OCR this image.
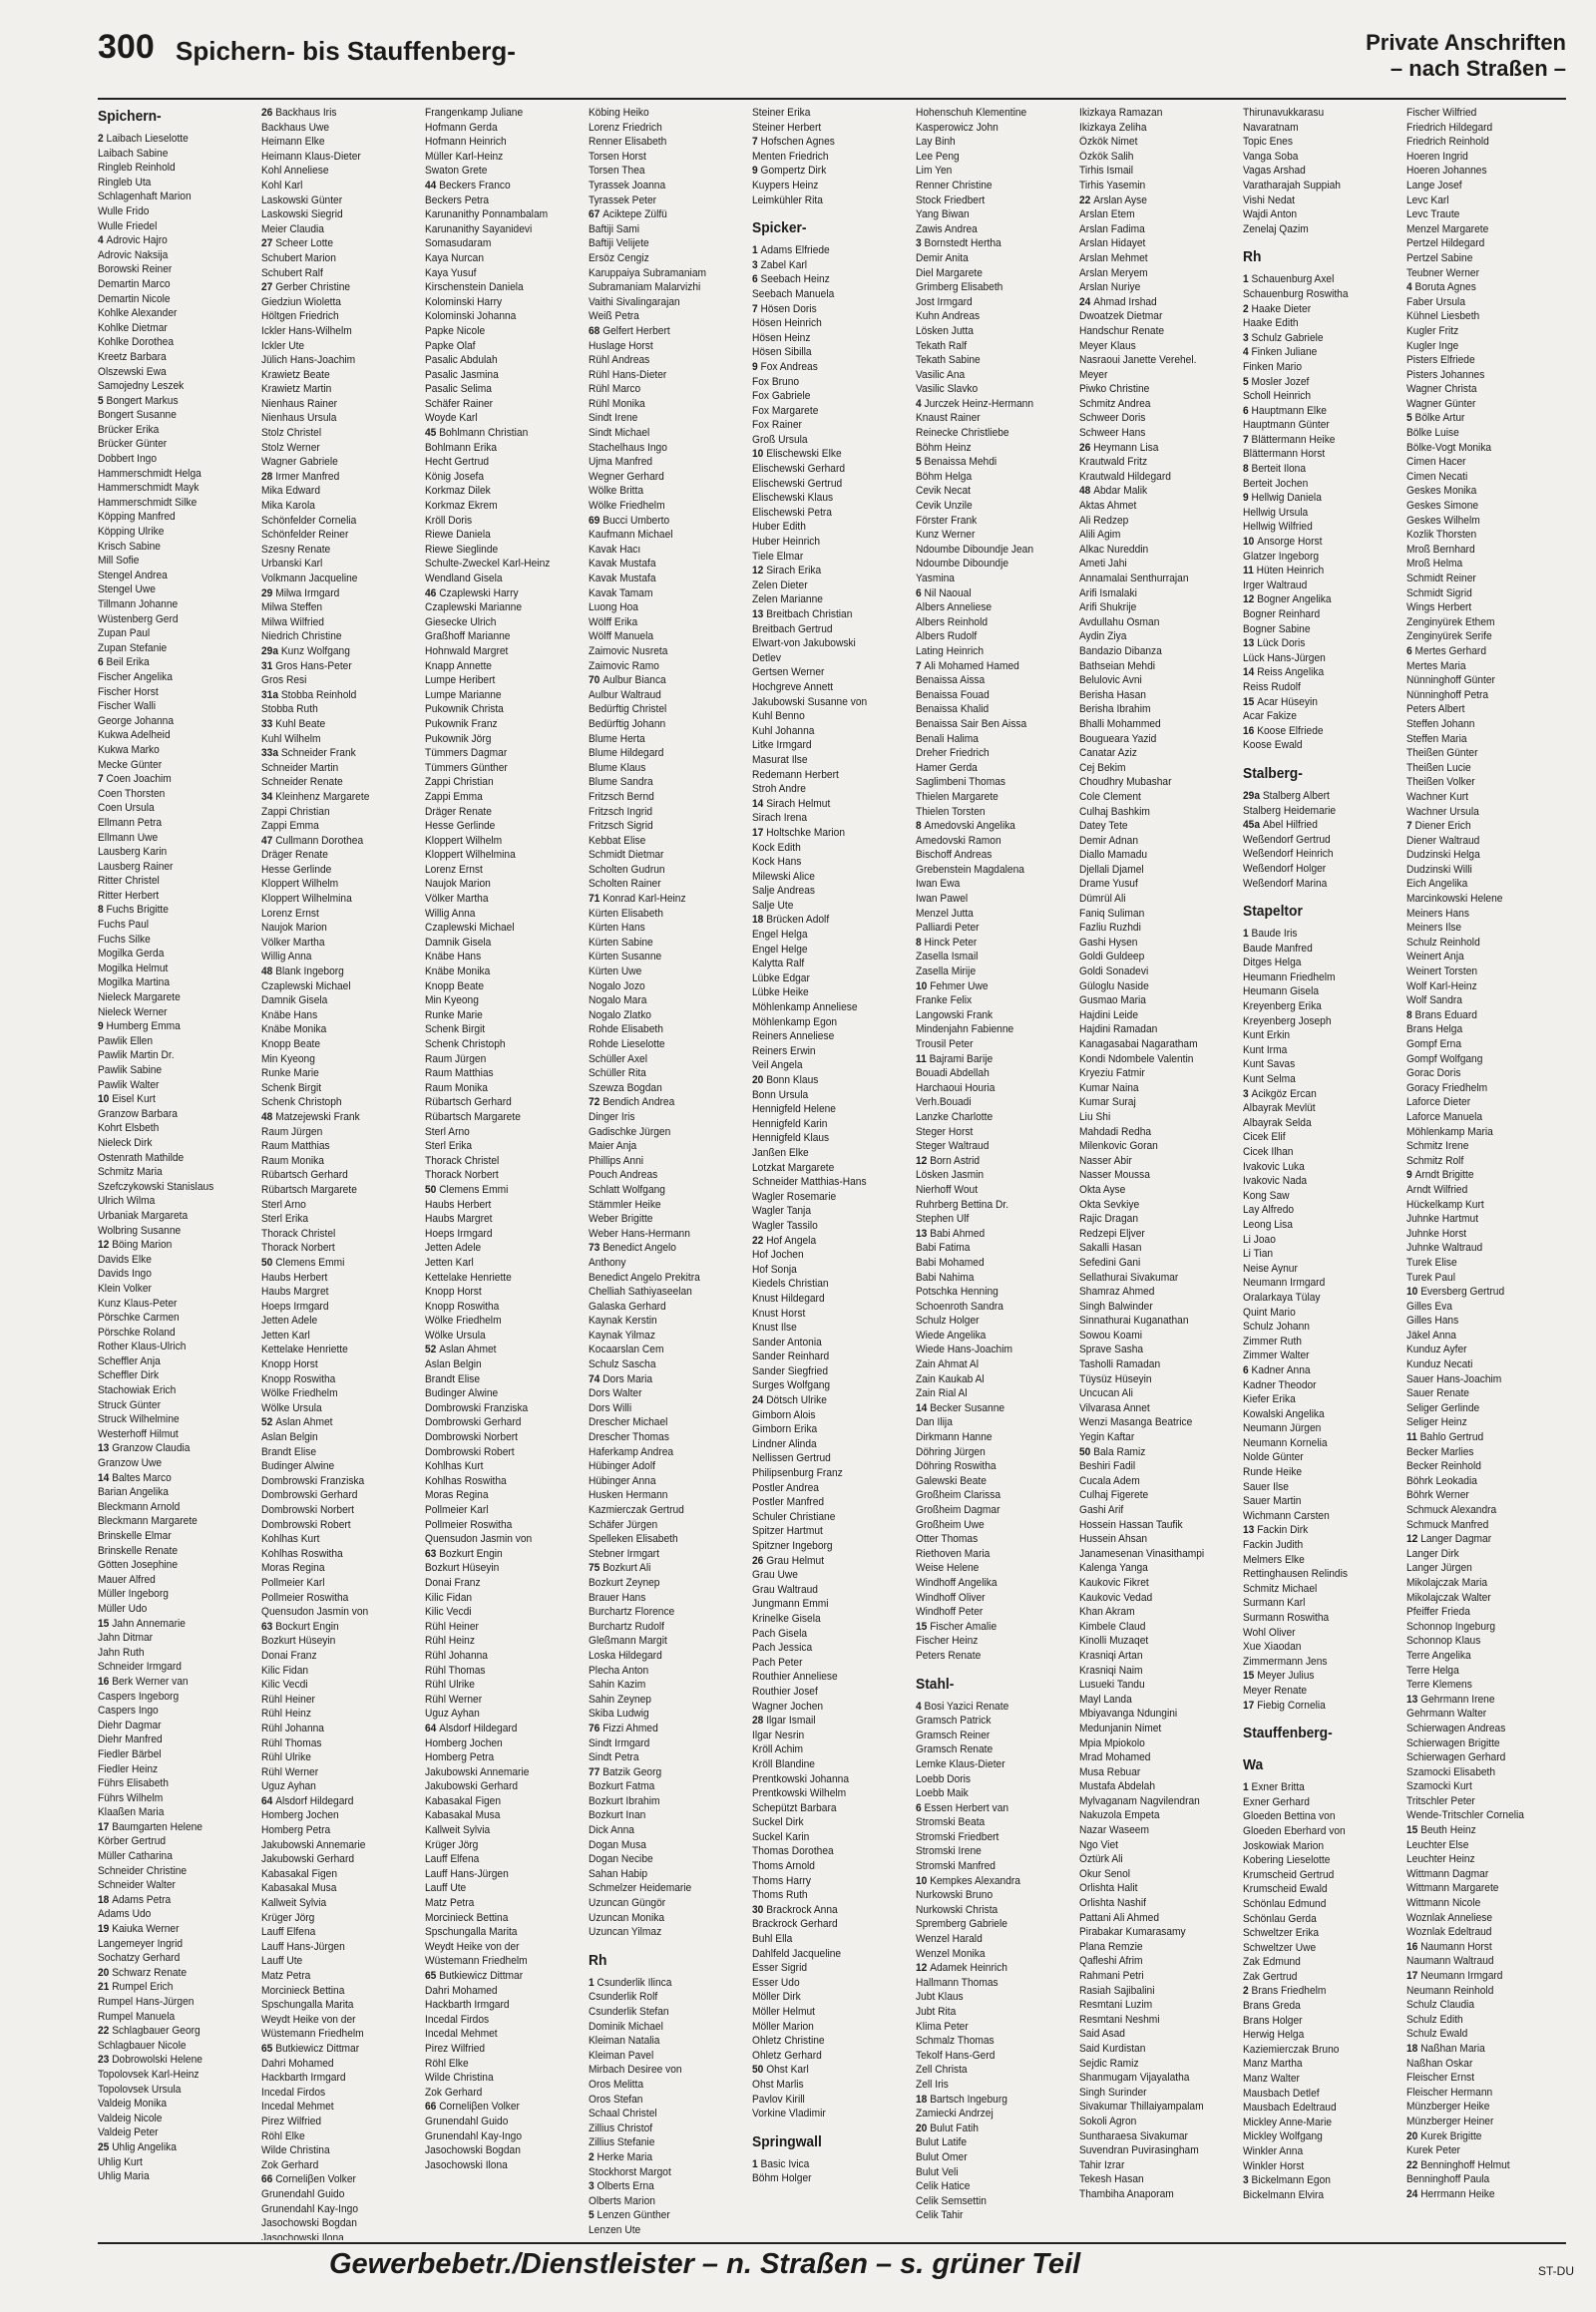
300 Spichern- bis Stauffenberg-	Private Anschriften
– nach Straßen –
Spichern-
2 Laibach Lieselotte
Laibach Sabine
Ringleb Reinhold
Ringleb Uta
Schlagenhaft Marion
Wulle Frido
Wulle Friedel
4 Adrovic Hajro
Adrovic Naksija
Borowski Reiner
Demartin Marco
Demartin Nicole
Kohlke Alexander
Kohlke Dietmar
Kohlke Dorothea
Kreetz Barbara
Olszewski Ewa
Samojedny Leszek
5 Bongert Markus
Bongert Susanne
Brücker Erika
Brücker Günter
Dobbert Ingo
Hammerschmidt Helga
Hammerschmidt Mayk
Hammerschmidt Silke
Köpping Manfred
Köpping Ulrike
Krisch Sabine
Mill Sofie
Stengel Andrea
Stengel Uwe
Tillmann Johanne
Wüstenberg Gerd
Zupan Paul
Zupan Stefanie
6 Beil Erika
Fischer Angelika
Fischer Horst
Fischer Walli
George Johanna
Kukwa Adelheid
Kukwa Marko
Mecke Günter
7 Coen Joachim
Coen Thorsten
Coen Ursula
Ellmann Petra
Ellmann Uwe
Lausberg Karin
Lausberg Rainer
Ritter Christel
Ritter Herbert
8 Fuchs Brigitte
Fuchs Paul
Fuchs Silke
Mogilka Gerda
Mogilka Helmut
Mogilka Martina
Nieleck Margarete
Nieleck Werner
9 Humberg Emma
Pawlik Ellen
Pawlik Martin Dr.
Pawlik Sabine
Pawlik Walter
10 Eisel Kurt
Granzow Barbara
Kohrt Elsbeth
Nieleck Dirk
Ostenrath Mathilde
Schmitz Maria
Szefczykowski Stanislaus
Ulrich Wilma
Urbaniak Margareta
Wolbring Susanne
12 Böing Marion
Davids Elke
Davids Ingo
Klein Volker
Kunz Klaus-Peter
Pörschke Carmen
Pörschke Roland
Rother Klaus-Ulrich
Scheffler Anja
Scheffler Dirk
Stachowiak Erich
Struck Günter
Struck Wilhelmine
Westerhoff Hilmut
13 Granzow Claudia
Granzow Uwe
14 Baltes Marco
Barian Angelika
Bleckmann Arnold
Bleckmann Margarete
Brinskelle Elmar
Brinskelle Renate
Götten Josephine
Mauer Alfred
Müller Ingeborg
Müller Udo
15 Jahn Annemarie
Jahn Ditmar
Jahn Ruth
Schneider Irmgard
16 Berk Werner van
Caspers Ingeborg
Caspers Ingo
Diehr Dagmar
Diehr Manfred
Fiedler Bärbel
Fiedler Heinz
Führs Elisabeth
Führs Wilhelm
Klaaßen Maria
17 Baumgarten Helene
Körber Gertrud
Müller Catharina
Schneider Christine
Schneider Walter
18 Adams Petra
Adams Udo
19 Kaiuka Werner
Langemeyer Ingrid
Sochatzy Gerhard
20 Schwarz Renate
21 Rumpel Erich
Rumpel Hans-Jürgen
Rumpel Manuela
22 Schlagbauer Georg
Schlagbauer Nicole
23 Dobrowolski Helene
Topolovsek Karl-Heinz
Topolovsek Ursula
Valdeig Monika
Valdeig Nicole
Valdeig Peter
25 Uhlig Angelika
Uhlig Kurt
Uhlig Maria
26 Backhaus Iris
Backhaus Uwe
Heimann Elke
Heimann Klaus-Dieter
Kohl Anneliese
Kohl Karl
Laskowski Günter
Laskowski Siegrid
Meier Claudia
27 Scheer Lotte
Schubert Marion
Schubert Ralf
27 Gerber Christine
Giedziun Wioletta
Höltgen Friedrich
Ickler Hans-Wilhelm
Ickler Ute
Jülich Hans-Joachim
Krawietz Beate
Krawietz Martin
Nienhaus Rainer
Nienhaus Ursula
Stolz Christel
Stolz Werner
Wagner Gabriele
28 Irmer Manfred
Mika Edward
Mika Karola
Schönfelder Cornelia
Schönfelder Reiner
Szesny Renate
Urbanski Karl
Volkmann Jacqueline
29 Milwa Irmgard
Milwa Steffen
Milwa Wilfried
Niedrich Christine
29a Kunz Wolfgang
31 Gros Hans-Peter
Gros Resi
31a Stobba Reinhold
Stobba Ruth
33 Kuhl Beate
Kuhl Wilhelm
33a Schneider Frank
Schneider Martin
Schneider Renate
34 Kleinhenz Margarete
Zappi Christian
Zappi Emma
47 Cullmann Dorothea
Dräger Renate
Hesse Gerlinde
Kloppert Wilhelm
Kloppert Wilhelmina
Lorenz Ernst
Naujok Marion
Völker Martha
Willig Anna
48 Blank Ingeborg
Czaplewski Michael
Damnik Gisela
Knäbe Hans
Knäbe Monika
Knopp Beate
Min Kyeong
Runke Marie
Schenk Birgit
Schenk Christoph
48 Matzejewski Frank
Raum Jürgen
Raum Matthias
Raum Monika
Rübartsch Gerhard
Rübartsch Margarete
Sterl Arno
Sterl Erika
Thorack Christel
Thorack Norbert
50 Clemens Emmi
Haubs Herbert
Haubs Margret
Hoeps Irmgard
Jetten Adele
Jetten Karl
Kettelake Henriette
Knopp Horst
Knopp Roswitha
Wölke Friedhelm
Wölke Ursula
52 Aslan Ahmet
Aslan Belgin
Brandt Elise
Budinger Alwine
Dombrowski Franziska
Dombrowski Gerhard
Dombrowski Norbert
Dombrowski Robert
Kohlhas Kurt
Kohlhas Roswitha
Moras Regina
Pollmeier Karl
Pollmeier Roswitha
Quensudon Jasmin von
63 Bockurt Engin
Bozkurt Hüseyin
Donai Franz
Kilic Fidan
Kilic Vecdi
Rühl Heiner
Rühl Heinz
Rühl Johanna
Rühl Thomas
Rühl Ulrike
Rühl Werner
Uguz Ayhan
64 Alsdorf Hildegard
Homberg Jochen
Homberg Petra
Jakubowski Annemarie
Jakubowski Gerhard
Kabasakal Figen
Kabasakal Musa
Kallweit Sylvia
Krüger Jörg
Lauff Elfena
Lauff Hans-Jürgen
Lauff Ute
Matz Petra
Morcinieck Bettina
Spschungalla Marita
Weydt Heike von der
Wüstemann Friedhelm
65 Butkiewicz Dittmar
Dahri Mohamed
Hackbarth Irmgard
Incedal Firdos
Incedal Mehmet
Pirez Wilfried
Röhl Elke
Wilde Christina
Zok Gerhard
66 Corneliβen Volker
Grunendahl Guido
Grunendahl Kay-Ingo
Jasochowski Bogdan
Jasochowski Ilona
Frangenkamp Juliane
Hofmann Gerda
Hofmann Heinrich
Müller Karl-Heinz
Swaton Grete
44 Beckers Franco
Beckers Petra
Karunanithy Ponnambalam
Karunanithy Sayanidevi
Somasudaram
Kaya Nurcan
Kaya Yusuf
Kirschenstein Daniela
Kolominski Harry
Kolominski Johanna
Papke Nicole
Papke Olaf
Pasalic Abdulah
Pasalic Jasmina
Pasalic Selima
Schäfer Rainer
Woyde Karl
45 Bohlmann Christian
Bohlmann Erika
Hecht Gertrud
König Josefa
Korkmaz Dilek
Korkmaz Ekrem
Kröll Doris
Riewe Daniela
Riewe Sieglinde
Schulte-Zweckel Karl-Heinz
Wendland Gisela
46 Czaplewski Harry
Czaplewski Marianne
Giesecke Ulrich
Graßhoff Marianne
Hohnwald Margret
Knapp Annette
Lumpe Heribert
Lumpe Marianne
Pukownik Christa
Pukownik Franz
Pukownik Jörg
Tümmers Dagmar
Tümmers Günther
Zappi Christian
Zappi Emma
Dräger Renate
Hesse Gerlinde
Kloppert Wilhelm
Kloppert Wilhelmina
Lorenz Ernst
Naujok Marion
Völker Martha
Willig Anna
Czaplewski Michael
Damnik Gisela
Knäbe Hans
Knäbe Monika
Knopp Beate
Min Kyeong
Runke Marie
Schenk Birgit
Schenk Christoph
Raum Jürgen
Raum Matthias
Raum Monika
Rübartsch Gerhard
Rübartsch Margarete
Sterl Arno
Sterl Erika
Thorack Christel
Thorack Norbert
50 Clemens Emmi
Haubs Herbert
Haubs Margret
Hoeps Irmgard
Jetten Adele
Jetten Karl
Kettelake Henriette
Knopp Horst
Knopp Roswitha
Wölke Friedhelm
Wölke Ursula
52 Aslan Ahmet
Aslan Belgin
Brandt Elise
Budinger Alwine
Dombrowski Franziska
Dombrowski Gerhard
Dombrowski Norbert
Dombrowski Robert
Kohlhas Kurt
Kohlhas Roswitha
Moras Regina
Pollmeier Karl
Pollmeier Roswitha
Quensudon Jasmin von
63 Bozkurt Engin
Bozkurt Hüseyin
Donai Franz
Kilic Fidan
Kilic Vecdi
Rühl Heiner
Rühl Heinz
Rühl Johanna
Rühl Thomas
Rühl Ulrike
Rühl Werner
Uguz Ayhan
64 Alsdorf Hildegard
Homberg Jochen
Homberg Petra
Jakubowski Annemarie
Jakubowski Gerhard
Kabasakal Figen
Kabasakal Musa
Kallweit Sylvia
Krüger Jörg
Lauff Elfena
Lauff Hans-Jürgen
Lauff Ute
Matz Petra
Morcinieck Bettina
Spschungalla Marita
Weydt Heike von der
Wüstemann Friedhelm
65 Butkiewicz Dittmar
Dahri Mohamed
Hackbarth Irmgard
Incedal Firdos
Incedal Mehmet
Pirez Wilfried
Röhl Elke
Wilde Christina
Zok Gerhard
66 Corneliβen Volker
Grunendahl Guido
Grunendahl Kay-Ingo
Jasochowski Bogdan
Jasochowski Ilona
Köbing Heiko
Lorenz Friedrich
Renner Elisabeth
Torsen Horst
Torsen Thea
Tyrassek Joanna
Tyrassek Peter
67 Aciktepe Zülfü
Baftiji Sami
Baftiji Velijete
Ersöz Cengiz
Karuppaiya Subramaniam
Subramaniam Malarvizhi
Vaithi Sivalingarajan
Weiß Petra
68 Gelfert Herbert
Huslage Horst
Rühl Andreas
Rühl Hans-Dieter
Rühl Marco
Rühl Monika
Sindt Irene
Sindt Michael
Stachelhaus Ingo
Ujma Manfred
Wegner Gerhard
Wölke Britta
Wölke Friedhelm
69 Bucci Umberto
Kaufmann Michael
Kavak Hacı
Kavak Mustafa
Kavak Mustafa
Kavak Tamam
Luong Hoa
Wölff Erika
Wölff Manuela
Zaimovic Nusreta
Zaimovic Ramo
70 Aulbur Bianca
Aulbur Waltraud
Bedürftig Christel
Bedürftig Johann
Blume Herta
Blume Hildegard
Blume Klaus
Blume Sandra
Fritzsch Bernd
Fritzsch Ingrid
Fritzsch Sigrid
Kebbat Elise
Schmidt Dietmar
Scholten Gudrun
Scholten Rainer
71 Konrad Karl-Heinz
Kürten Elisabeth
Kürten Hans
Kürten Sabine
Kürten Susanne
Kürten Uwe
Nogalo Jozo
Nogalo Mara
Nogalo Zlatko
Rohde Elisabeth
Rohde Lieselotte
Schüller Axel
Schüller Rita
Szewza Bogdan
72 Bendich Andrea
Dinger Iris
Gadischke Jürgen
Maier Anja
Phillips Anni
Pouch Andreas
Schlatt Wolfgang
Stämmler Heike
Weber Brigitte
Weber Hans-Hermann
73 Benedict Angelo
Anthony
Benedict Angelo Prekitra
Chelliah Sathiyaseelan
Galaska Gerhard
Kaynak Kerstin
Kaynak Yilmaz
Kocaarslan Cem
Schulz Sascha
74 Dors Maria
Dors Walter
Dors Willi
Drescher Michael
Drescher Thomas
Haferkamp Andrea
Hübinger Adolf
Hübinger Anna
Husken Hermann
Kazmierczak Gertrud
Schäfer Jürgen
Spelleken Elisabeth
Stebner Irmgart
75 Bozkurt Ali
Bozkurt Zeynep
Brauer Hans
Burchartz Florence
Burchartz Rudolf
Gleßmann Margit
Loska Hildegard
Plecha Anton
Sahin Kazim
Sahin Zeynep
Skiba Ludwig
76 Fizzi Ahmed
Sindt Irmgard
Sindt Petra
77 Batzik Georg
Bozkurt Fatma
Bozkurt Ibrahim
Bozkurt Inan
Dick Anna
Dogan Musa
Dogan Necibe
Sahan Habip
Schmelzer Heidemarie
Uzuncan Güngör
Uzuncan Monika
Uzuncan Yilmaz
Rh
1 Csunderlik Ilinca
Csunderlik Rolf
Csunderlik Stefan
Dominik Michael
Kleiman Natalia
Kleiman Pavel
Mirbach Desiree von
Oros Melitta
Oros Stefan
Schaal Christel
Zillius Christof
Zillius Stefanie
2 Herke Maria
Stockhorst Margot
3 Olberts Erna
Olberts Marion
5 Lenzen Günther
Lenzen Ute
Steiner Erika
Steiner Herbert
7 Hofschen Agnes
Menten Friedrich
9 Gompertz Dirk
Kuypers Heinz
Leimkühler Rita
Spicker-
1 Adams Elfriede
3 Zabel Karl
6 Seebach Heinz
Seebach Manuela
7 Hösen Doris
Hösen Heinrich
Hösen Heinz
Hösen Sibilla
9 Fox Andreas
Fox Bruno
Fox Gabriele
Fox Margarete
Fox Rainer
Groß Ursula
10 Elischewski Elke
Elischewski Gerhard
Elischewski Gertrud
Elischewski Klaus
Elischewski Petra
Huber Edith
Huber Heinrich
Tiele Elmar
12 Sirach Erika
Zelen Dieter
Zelen Marianne
13 Breitbach Christian
Breitbach Gertrud
Elwart-von Jakubowski
Detlev
Gertsen Werner
Hochgreve Annett
Jakubowski Susanne von
Kuhl Benno
Kuhl Johanna
Litke Irmgard
Masurat Ilse
Redemann Herbert
Stroh Andre
14 Sirach Helmut
Sirach Irena
17 Holtschke Marion
Kock Edith
Kock Hans
Milewski Alice
Salje Andreas
Salje Ute
18 Brücken Adolf
Engel Helga
Engel Helge
Kalytta Ralf
Lübke Edgar
Lübke Heike
Möhlenkamp Anneliese
Möhlenkamp Egon
Reiners Anneliese
Reiners Erwin
Veil Angela
20 Bonn Klaus
Bonn Ursula
Hennigfeld Helene
Hennigfeld Karin
Hennigfeld Klaus
Janßen Elke
Lotzkat Margarete
Schneider Matthias-Hans
Wagler Rosemarie
Wagler Tanja
Wagler Tassilo
22 Hof Angela
Hof Jochen
Hof Sonja
Kiedels Christian
Knust Hildegard
Knust Horst
Knust Ilse
Sander Antonia
Sander Reinhard
Sander Siegfried
Surges Wolfgang
24 Dötsch Ulrike
Gimborn Alois
Gimborn Erika
Lindner Alinda
Nellissen Gertrud
Philipsenburg Franz
Postler Andrea
Postler Manfred
Schuler Christiane
Spitzer Hartmut
Spitzner Ingeborg
26 Grau Helmut
Grau Uwe
Grau Waltraud
Jungmann Emmi
Krinelke Gisela
Pach Gisela
Pach Jessica
Pach Peter
Routhier Anneliese
Routhier Josef
Wagner Jochen
28 Ilgar Ismail
Ilgar Nesrin
Kröll Achim
Kröll Blandine
Prentkowski Johanna
Prentkowski Wilhelm
Schepützt Barbara
Suckel Dirk
Suckel Karin
Thomas Dorothea
Thoms Arnold
Thoms Harry
Thoms Ruth
30 Brackrock Anna
Brackrock Gerhard
Buhl Ella
Dahlfeld Jacqueline
Esser Sigrid
Esser Udo
Möller Dirk
Möller Helmut
Möller Marion
Ohletz Christine
Ohletz Gerhard
50 Ohst Karl
Ohst Marlis
Pavlov Kirill
Vorkine Vladimir
Springwall
1 Basic Ivica
Böhm Holger
Hohenschuh Klementine
Kasperowicz John
Lay Binh
Lee Peng
Lim Yen
Renner Christine
Stock Friedbert
Yang Biwan
Zawis Andrea
3 Bornstedt Hertha
Demir Anita
Diel Margarete
Grimberg Elisabeth
Jost Irmgard
Kuhn Andreas
Lösken Jutta
Tekath Ralf
Tekath Sabine
Vasilic Ana
Vasilic Slavko
4 Jurczek Heinz-Hermann
Knaust Rainer
Reinecke Christliebe
Böhm Heinz
5 Benaissa Mehdi
Böhm Helga
Cevik Necat
Cevik Unzile
Förster Frank
Kunz Werner
Ndoumbe Diboundje Jean
Ndoumbe Diboundje
Yasmina
6 Nil Naoual
Albers Anneliese
Albers Reinhold
Albers Rudolf
Lating Heinrich
7 Ali Mohamed Hamed
Benaissa Aissa
Benaissa Fouad
Benaissa Khalid
Benaissa Sair Ben Aissa
Benali Halima
Dreher Friedrich
Hamer Gerda
Saglimbeni Thomas
Thielen Margarete
Thielen Torsten
8 Amedovski Angelika
Amedovski Ramon
Bischoff Andreas
Grebenstein Magdalena
Iwan Ewa
Iwan Pawel
Menzel Jutta
Palliardi Peter
8 Hinck Peter
Zasella Ismail
Zasella Mirije
10 Fehmer Uwe
Franke Felix
Langowski Frank
Mindenjahn Fabienne
Trousil Peter
11 Bajrami Barije
Bouadi Abdellah
Harchaoui Houria
Verh.Bouadi
Lanzke Charlotte
Steger Horst
Steger Waltraud
12 Born Astrid
Lösken Jasmin
Nierhoff Wout
Ruhrberg Bettina Dr.
Stephen Ulf
13 Babi Ahmed
Babi Fatima
Babi Mohamed
Babi Nahima
Potschka Henning
Schoenroth Sandra
Schulz Holger
Wiede Angelika
Wiede Hans-Joachim
Zain Ahmat Al
Zain Kaukab Al
Zain Rial Al
14 Becker Susanne
Dan Ilija
Dirkmann Hanne
Döhring Jürgen
Döhring Roswitha
Galewski Beate
Großheim Clarissa
Großheim Dagmar
Großheim Uwe
Otter Thomas
Riethoven Maria
Weise Helene
Windhoff Angelika
Windhoff Oliver
Windhoff Peter
15 Fischer Amalie
Fischer Heinz
Peters Renate
Stahl-
4 Bosi Yazici Renate
Gramsch Patrick
Gramsch Reiner
Gramsch Renate
Lemke Klaus-Dieter
Loebb Doris
Loebb Maik
6 Essen Herbert van
Stromski Beata
Stromski Friedbert
Stromski Irene
Stromski Manfred
10 Kempkes Alexandra
Nurkowski Bruno
Nurkowski Christa
Spremberg Gabriele
Wenzel Harald
Wenzel Monika
12 Adamek Heinrich
Hallmann Thomas
Jubt Klaus
Jubt Rita
Klima Peter
Schmalz Thomas
Tekolf Hans-Gerd
Zell Christa
Zell Iris
18 Bartsch Ingeburg
Zamiecki Andrzej
20 Bulut Fatih
Bulut Latife
Bulut Omer
Bulut Veli
Celik Hatice
Celik Semsettin
Celik Tahir
Ikizkaya Ramazan
Ikizkaya Zeliha
Özkök Nimet
Özkök Salih
Tirhis Ismail
Tirhis Yasemin
22 Arslan Ayse
Arslan Etem
Arslan Fadima
Arslan Hidayet
Arslan Mehmet
Arslan Meryem
Arslan Nuriye
24 Ahmad Irshad
Dwoatzek Dietmar
Handschur Renate
Meyer Klaus
Nasraoui Janette Verehel.
Meyer
Piwko Christine
Schmitz Andrea
Schweer Doris
Schweer Hans
26 Heymann Lisa
Krautwald Fritz
Krautwald Hildegard
48 Abdar Malik
Aktas Ahmet
Ali Redzep
Alili Agim
Alkac Nureddin
Ameti Jahi
Annamalai Senthurrajan
Arifi Ismalaki
Arifi Shukrije
Avdullahu Osman
Aydin Ziya
Bandazio Dibanza
Bathseian Mehdi
Belulovic Avni
Berisha Hasan
Berisha Ibrahim
Bhalli Mohammed
Bougueara Yazid
Canatar Aziz
Cej Bekim
Choudhry Mubashar
Cole Clement
Culhaj Bashkim
Datey Tete
Demir Adnan
Diallo Mamadu
Djellali Djamel
Drame Yusuf
Dümrül Ali
Faniq Suliman
Fazliu Ruzhdi
Gashi Hysen
Goldi Guldeep
Goldi Sonadevi
Güloglu Naside
Gusmao Maria
Hajdini Leide
Hajdini Ramadan
Kanagasabai Nagaratham
Kondi Ndombele Valentin
Kryeziu Fatmir
Kumar Naina
Kumar Suraj
Liu Shi
Mahdadi Redha
Milenkovic Goran
Nasser Abir
Nasser Moussa
Okta Ayse
Okta Sevkiye
Rajic Dragan
Redzepi Eljver
Sakalli Hasan
Sefedini Gani
Sellathurai Sivakumar
Shamraz Ahmed
Singh Balwinder
Sinnathurai Kuganathan
Sowou Koami
Sprave Sasha
Tasholli Ramadan
Tüysüz Hüseyin
Uncucan Ali
Vilvarasa Annet
Wenzi Masanga Beatrice
Yegin Kaftar
50 Bala Ramiz
Beshiri Fadil
Cucala Adem
Culhaj Figerete
Gashi Arif
Hossein Hassan Taufik
Hussein Ahsan
Janamesenan Vinasithampi
Kalenga Yanga
Kaukovic Fikret
Kaukovic Vedad
Khan Akram
Kimbele Claud
Kinolli Muzaqet
Krasniqi Artan
Krasniqi Naim
Lusueki Tandu
Mayl Landa
Mbiyavanga Ndungini
Medunjanin Nimet
Mpia Mpiokolo
Mrad Mohamed
Musa Rebuar
Mustafa Abdelah
Mylvaganam Nagvilendran
Nakuzola Empeta
Nazar Waseem
Ngo Viet
Öztürk Ali
Okur Senol
Orlishta Halit
Orlishta Nashif
Pattani Ali Ahmed
Pirabakar Kumarasamy
Plana Remzie
Qafleshi Afrim
Rahmani Petri
Rasiah Sajibalini
Resmtani Luzim
Resmtani Neshmi
Said Asad
Said Kurdistan
Sejdic Ramiz
Shanmugam Vijayalatha
Singh Surinder
Sivakumar Thillaiyampalam
Sokoli Agron
Suntharaesa Sivakumar
Suvendran Puvirasingham
Tahir Izrar
Tekesh Hasan
Thambiha Anaporam
Thirunavukkarasu
Navaratnam
Topic Enes
Vanga Soba
Vagas Arshad
Varatharajah Suppiah
Vishi Nedat
Wajdi Anton
Zenelaj Qazim
Rh
1 Schauenburg Axel
Schauenburg Roswitha
2 Haake Dieter
Haake Edith
3 Schulz Gabriele
4 Finken Juliane
Finken Mario
5 Mosler Jozef
Scholl Heinrich
6 Hauptmann Elke
Hauptmann Günter
7 Blättermann Heike
Blättermann Horst
8 Berteit Ilona
Berteit Jochen
9 Hellwig Daniela
Hellwig Ursula
Hellwig Wilfried
10 Ansorge Horst
Glatzer Ingeborg
11 Hüten Heinrich
Irger Waltraud
12 Bogner Angelika
Bogner Reinhard
Bogner Sabine
13 Lück Doris
Lück Hans-Jürgen
14 Reiss Angelika
Reiss Rudolf
15 Acar Hüseyin
Acar Fakize
16 Koose Elfriede
Koose Ewald
Stalberg-
29a Stalberg Albert
Stalberg Heidemarie
45a Abel Hilfried
Weßendorf Gertrud
Weßendorf Heinrich
Weßendorf Holger
Weßendorf Marina
Stapeltor
1 Baude Iris
Baude Manfred
Ditges Helga
Heumann Friedhelm
Heumann Gisela
Kreyenberg Erika
Kreyenberg Joseph
Kunt Erkin
Kunt Irma
Kunt Savas
Kunt Selma
3 Acikgöz Ercan
Albayrak Mevlüt
Albayrak Selda
Cicek Elif
Cicek Ilhan
Ivakovic Luka
Ivakovic Nada
Kong Saw
Lay Alfredo
Leong Lisa
Li Joao
Li Tian
Neise Aynur
Neumann Irmgard
Oralarkaya Tülay
Quint Mario
Schulz Johann
Zimmer Ruth
Zimmer Walter
6 Kadner Anna
Kadner Theodor
Kiefer Erika
Kowalski Angelika
Neumann Jürgen
Neumann Kornelia
Nolde Günter
Runde Heike
Sauer Ilse
Sauer Martin
Wichmann Carsten
13 Fackin Dirk
Fackin Judith
Melmers Elke
Rettinghausen Relindis
Schmitz Michael
Surmann Karl
Surmann Roswitha
Wohl Oliver
Xue Xiaodan
Zimmermann Jens
15 Meyer Julius
Meyer Renate
17 Fiebig Cornelia
Stauffenberg-
Wa
1 Exner Britta
Exner Gerhard
Gloeden Bettina von
Gloeden Eberhard von
Joskowiak Marion
Kobering Lieselotte
Krumscheid Gertrud
Krumscheid Ewald
Schönlau Edmund
Schönlau Gerda
Schweltzer Erika
Schweltzer Uwe
Zak Edmund
Zak Gertrud
2 Brans Friedhelm
Brans Greda
Brans Holger
Herwig Helga
Kaziemierczak Bruno
Manz Martha
Manz Walter
Mausbach Detlef
Mausbach Edeltraud
Mickley Anne-Marie
Mickley Wolfgang
Winkler Anna
Winkler Horst
3 Bickelmann Egon
Bickelmann Elvira
Fischer Wilfried
Friedrich Hildegard
Friedrich Reinhold
Hoeren Ingrid
Hoeren Johannes
Lange Josef
Levc Karl
Levc Traute
Menzel Margarete
Pertzel Hildegard
Pertzel Sabine
Teubner Werner
4 Boruta Agnes
Faber Ursula
Kühnel Liesbeth
Kugler Fritz
Kugler Inge
Pisters Elfriede
Pisters Johannes
Wagner Christa
Wagner Günter
5 Bölke Artur
Bölke Luise
Bölke-Vogt Monika
Cimen Hacer
Cimen Necati
Geskes Monika
Geskes Simone
Geskes Wilhelm
Kozlik Thorsten
Mroß Bernhard
Mroß Helma
Schmidt Reiner
Schmidt Sigrid
Wings Herbert
Zenginyürek Ethem
Zenginyürek Serife
6 Mertes Gerhard
Mertes Maria
Nünninghoff Günter
Nünninghoff Petra
Peters Albert
Steffen Johann
Steffen Maria
Theißen Günter
Theißen Lucie
Theißen Volker
Wachner Kurt
Wachner Ursula
7 Diener Erich
Diener Waltraud
Dudzinski Helga
Dudzinski Willi
Eich Angelika
Marcinkowski Helene
Meiners Hans
Meiners Ilse
Schulz Reinhold
Weinert Anja
Weinert Torsten
Wolf Karl-Heinz
Wolf Sandra
8 Brans Eduard
Brans Helga
Gompf Erna
Gompf Wolfgang
Gorac Doris
Goracy Friedhelm
Laforce Dieter
Laforce Manuela
Möhlenkamp Maria
Schmitz Irene
Schmitz Rolf
9 Arndt Brigitte
Arndt Wilfried
Hückelkamp Kurt
Juhnke Hartmut
Juhnke Horst
Juhnke Waltraud
Turek Elise
Turek Paul
10 Eversberg Gertrud
Gilles Eva
Gilles Hans
Jäkel Anna
Kunduz Ayfer
Kunduz Necati
Sauer Hans-Joachim
Sauer Renate
Seliger Gerlinde
Seliger Heinz
11 Bahlo Gertrud
Becker Marlies
Becker Reinhold
Böhrk Leokadia
Böhrk Werner
Schmuck Alexandra
Schmuck Manfred
12 Langer Dagmar
Langer Dirk
Langer Jürgen
Mikolajczak Maria
Mikolajczak Walter
Pfeiffer Frieda
Schonnop Ingeburg
Schonnop Klaus
Terre Angelika
Terre Helga
Terre Klemens
13 Gehrmann Irene
Gehrmann Walter
Schierwagen Andreas
Schierwagen Brigitte
Schierwagen Gerhard
Szamocki Elisabeth
Szamocki Kurt
Tritschler Peter
Wende-Tritschler Cornelia
15 Beuth Heinz
Leuchter Else
Leuchter Heinz
Wittmann Dagmar
Wittmann Margarete
Wittmann Nicole
Woznlak Anneliese
Woznlak Edeltraud
16 Naumann Horst
Naumann Waltraud
17 Neumann Irmgard
Neumann Reinhold
Schulz Claudia
Schulz Edith
Schulz Ewald
18 Naßhan Maria
Naßhan Oskar
Fleischer Ernst
Fleischer Hermann
Münzberger Heike
Münzberger Heiner
20 Kurek Brigitte
Kurek Peter
22 Benninghoff Helmut
Benninghoff Paula
24 Herrmann Heike
Gewerbebetr./Dienstleister – n. Straßen – s. grüner Teil	ST-DU
